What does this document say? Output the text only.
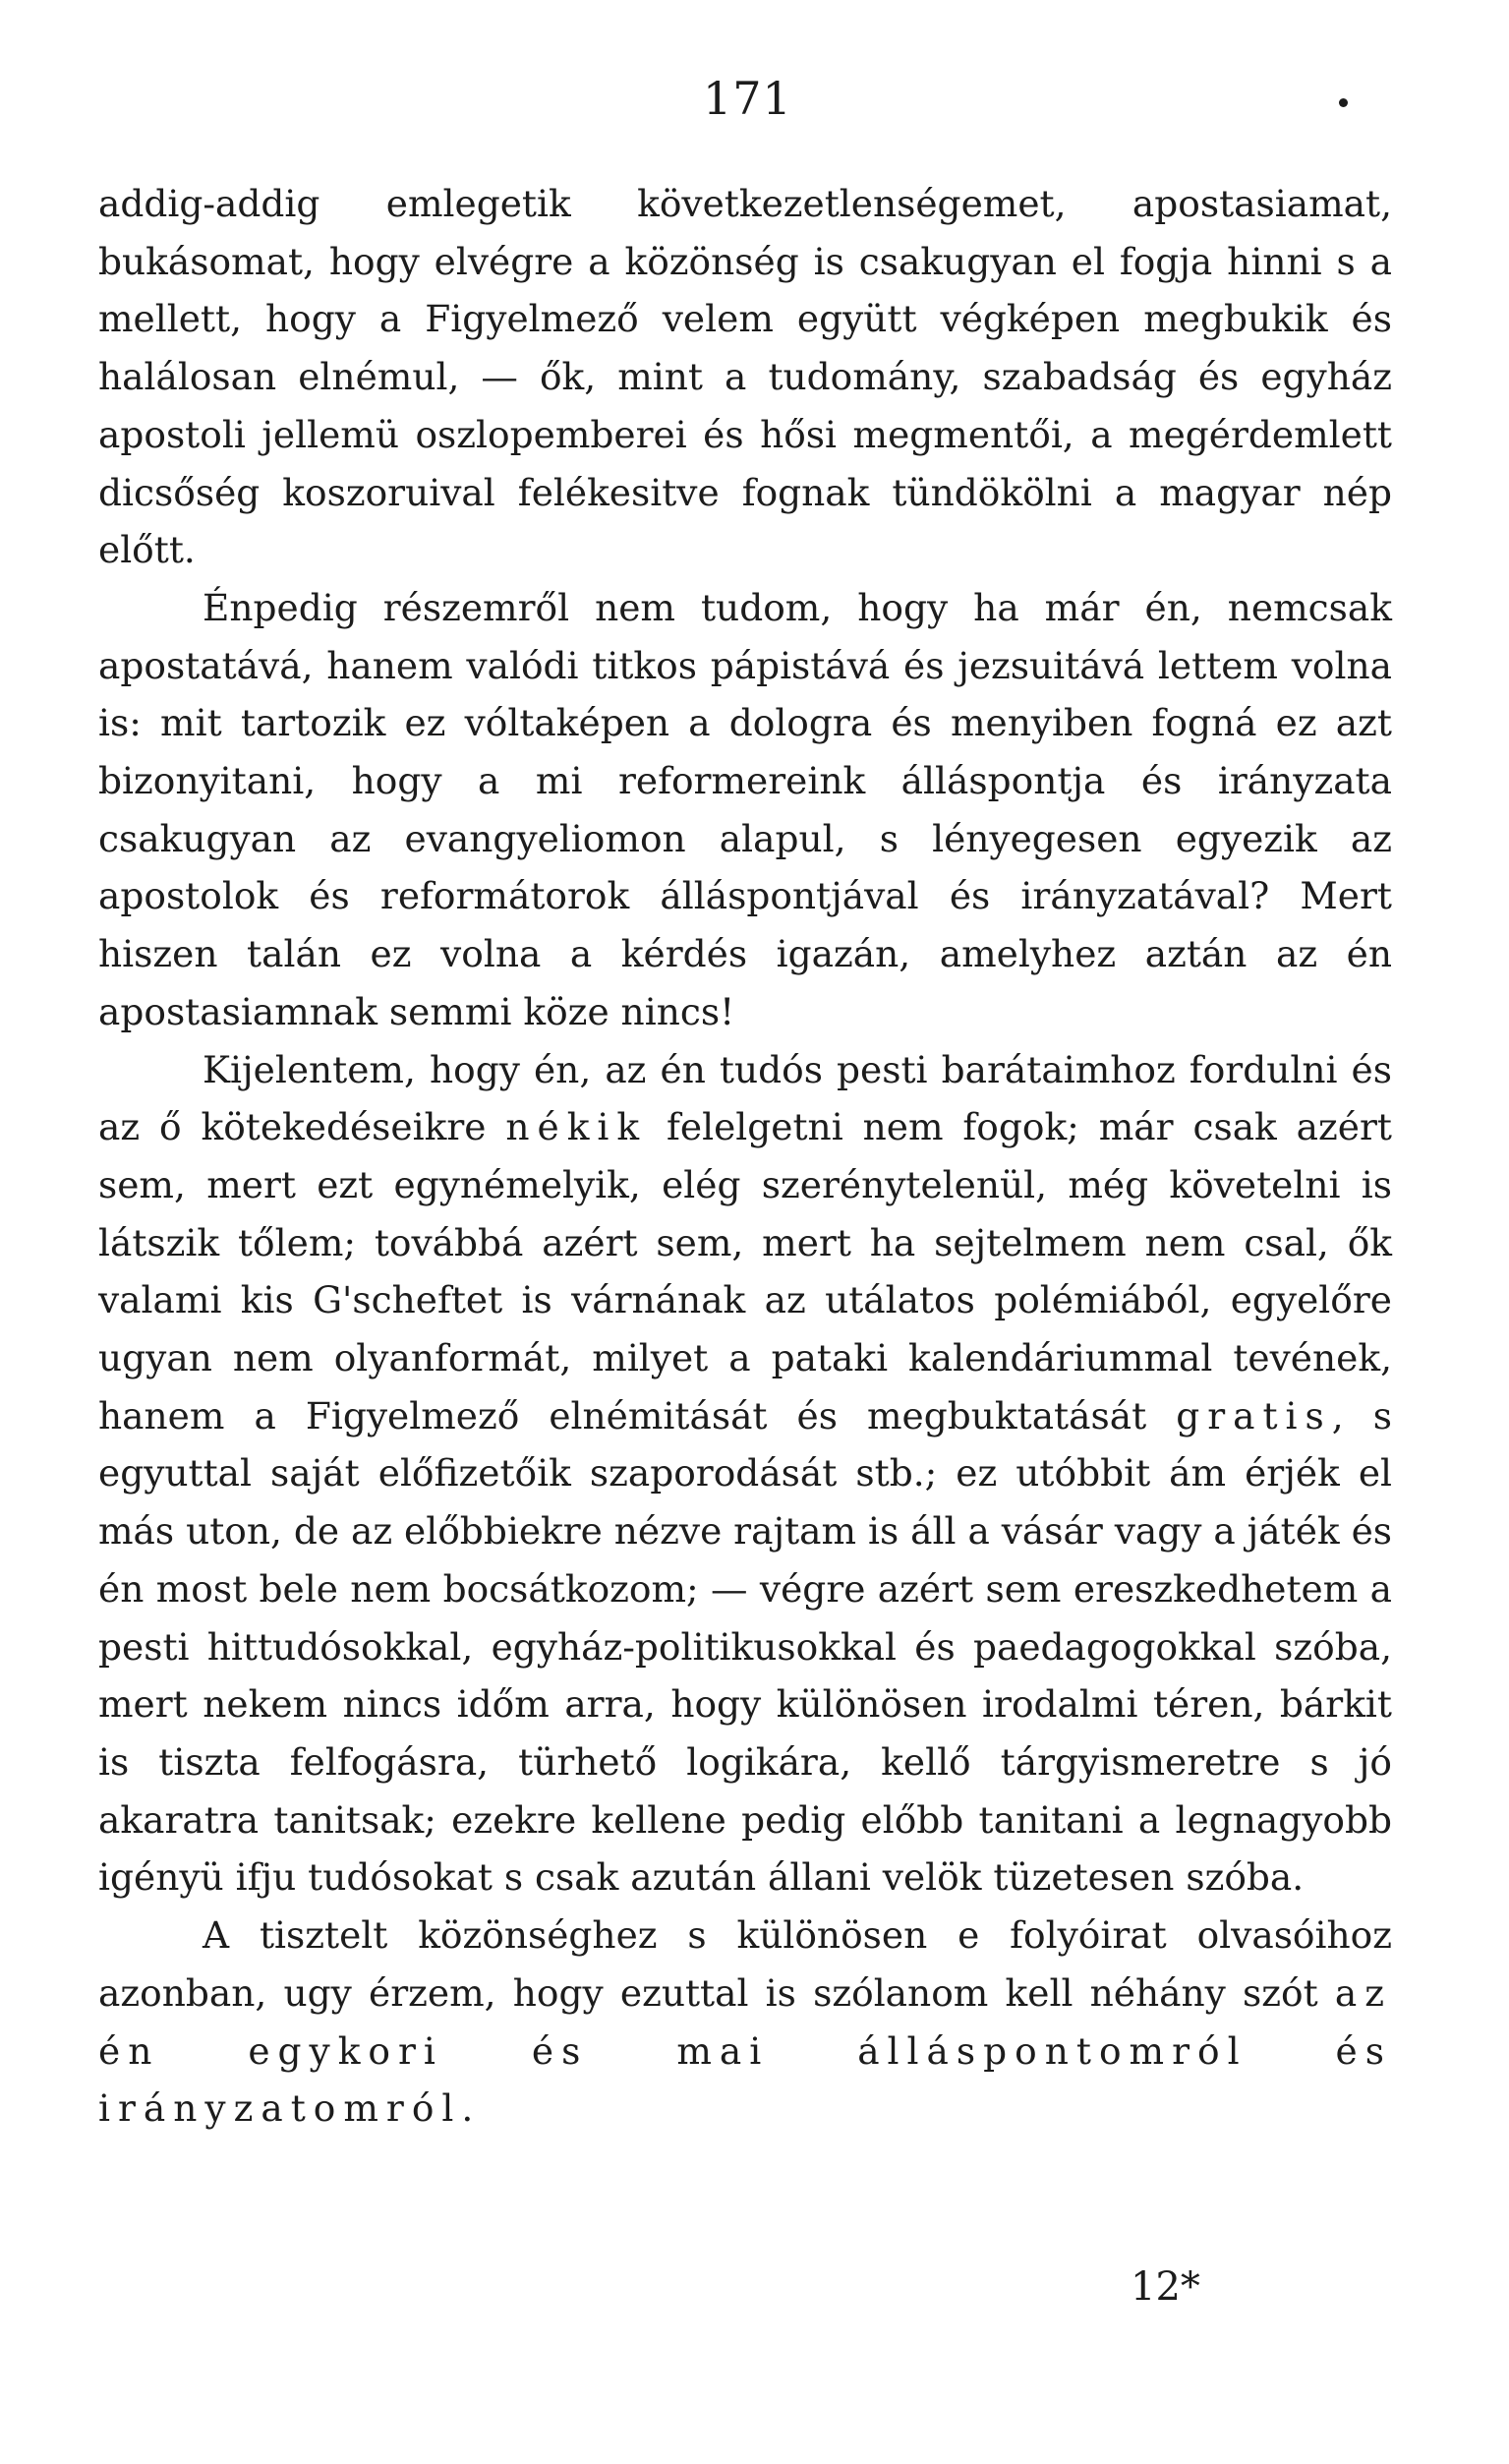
171

addig-addig emlegetik következetlenségemet, apostasiamat, bukásomat, hogy elvégre a közönség is csakugyan el fogja hinni s a mellett, hogy a Figyelmező velem együtt végképen megbukik és halálosan elnémul, — ők, mint a tudomány, szabadság és egyház apostoli jellemü oszlopemberei és hősi megmentői, a megérdemlett dicsőség koszoruival felékesitve fognak tündökölni a magyar nép előtt.

Énpedig részemről nem tudom, hogy ha már én, nemcsak apostatává, hanem valódi titkos pápistává és jezsuitává lettem volna is: mit tartozik ez vóltaképen a dologra és menyiben fogná ez azt bizonyitani, hogy a mi reformereink álláspontja és irányzata csakugyan az evangyeliomon alapul, s lényegesen egyezik az apostolok és reformátorok álláspontjával és irányzatával? Mert hiszen talán ez volna a kérdés igazán, amelyhez aztán az én apostasiamnak semmi köze nincs!

Kijelentem, hogy én, az én tudós pesti barátaimhoz fordulni és az ő kötekedéseikre nékik felelgetni nem fogok; már csak azért sem, mert ezt egynémelyik, elég szerénytelenül, még követelni is látszik tőlem; továbbá azért sem, mert ha sejtelmem nem csal, ők valami kis G'scheftet is várnának az utálatos polémiából, egyelőre ugyan nem olyanformát, milyet a pataki kalendáriummal tevének, hanem a Figyelmező elnémitását és megbuktatását gratis, s egyuttal saját előfizetőik szaporodását stb.; ez utóbbit ám érjék el más uton, de az előbbiekre nézve rajtam is áll a vásár vagy a játék és én most bele nem bocsátkozom; — végre azért sem ereszkedhetem a pesti hittudósokkal, egyház-politikusokkal és paedagogokkal szóba, mert nekem nincs időm arra, hogy különösen irodalmi téren, bárkit is tiszta felfogásra, türhető logikára, kellő tárgyismeretre s jó akaratra tanitsak; ezekre kellene pedig előbb tanitani a legnagyobb igényü ifju tudósokat s csak azután állani velök tüzetesen szóba.

A tisztelt közönséghez s különösen e folyóirat olvasóihoz azonban, ugy érzem, hogy ezuttal is szólanom kell néhány szót az én egykori és mai álláspontomról és irányzatomról.

12*
